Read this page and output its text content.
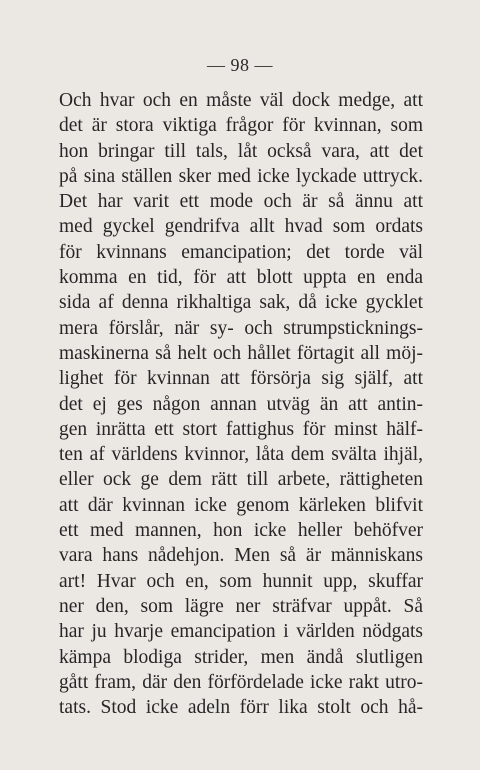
— 98 —
Och hvar och en måste väl dock medge, att
det är stora viktiga frågor för kvinnan, som
hon bringar till tals, låt också vara, att det
på sina ställen sker med icke lyckade uttryck.
Det har varit ett mode och är så ännu att
med gyckel gendrifva allt hvad som ordats
för kvinnans emancipation; det torde väl
komma en tid, för att blott uppta en enda
sida af denna rikhaltiga sak, då icke gycklet
mera förslår, när sy- och strumpsticknings-
maskinerna så helt och hållet förtagit all möj-
lighet för kvinnan att försörja sig själf, att
det ej ges någon annan utväg än att antin-
gen inrätta ett stort fattighus för minst hälf-
ten af världens kvinnor, låta dem svälta ihjäl,
eller ock ge dem rätt till arbete, rättigheten
att där kvinnan icke genom kärleken blifvit
ett med mannen, hon icke heller behöfver
vara hans nådehjon. Men så är människans
art! Hvar och en, som hunnit upp, skuffar
ner den, som lägre ner sträfvar uppåt. Så
har ju hvarje emancipation i världen nödgats
kämpa blodiga strider, men ändå slutligen
gått fram, där den förfördelade icke rakt utro-
tats. Stod icke adeln förr lika stolt och hå-
